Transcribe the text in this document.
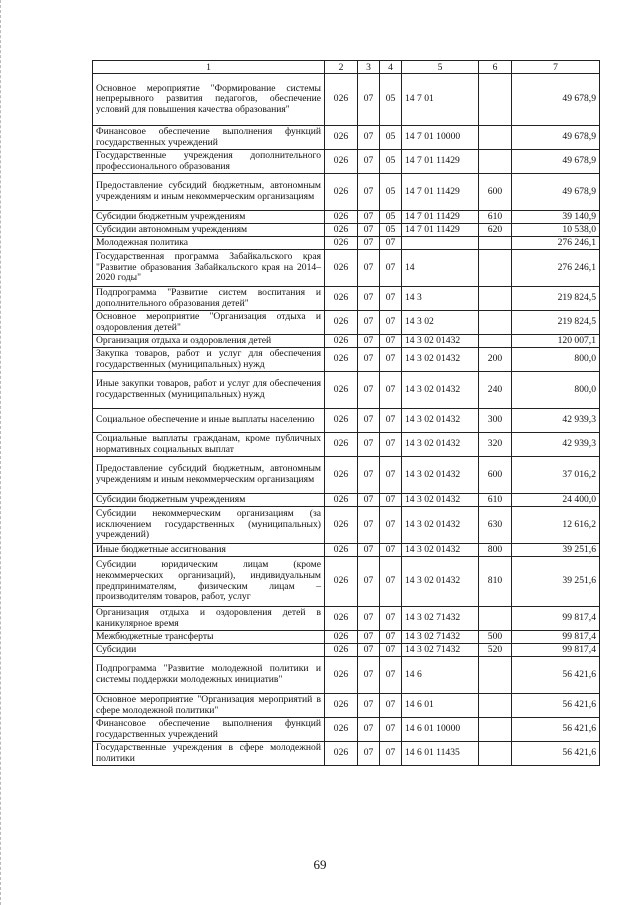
1	2	3	4	5	6	7
Основное мероприятие "Формирование системы непрерывного развития педагогов, обеспечение условий для повышения качества образования"	026	07	05	14 7 01		49 678,9
Финансовое обеспечение выполнения функций государственных учреждений	026	07	05	14 7 01 10000		49 678,9
Государственные учреждения дополнительного профессионального образования	026	07	05	14 7 01 11429		49 678,9
Предоставление субсидий бюджетным, автономным учреждениям и иным некоммерческим организациям	026	07	05	14 7 01 11429	600	49 678,9
Субсидии бюджетным учреждениям	026	07	05	14 7 01 11429	610	39 140,9
Субсидии автономным учреждениям	026	07	05	14 7 01 11429	620	10 538,0
Молодежная политика	026	07	07			276 246,1
Государственная программа Забайкальского края "Развитие образования Забайкальского края на 2014–2020 годы"	026	07	07	14		276 246,1
Подпрограмма "Развитие систем воспитания и дополнительного образования детей"	026	07	07	14 3		219 824,5
Основное мероприятие "Организация отдыха и оздоровления детей"	026	07	07	14 3 02		219 824,5
Организация отдыха и оздоровления детей	026	07	07	14 3 02 01432		120 007,1
Закупка товаров, работ и услуг для обеспечения государственных (муниципальных) нужд	026	07	07	14 3 02 01432	200	800,0
Иные закупки товаров, работ и услуг для обеспечения государственных (муниципальных) нужд	026	07	07	14 3 02 01432	240	800,0
Социальное обеспечение и иные выплаты населению	026	07	07	14 3 02 01432	300	42 939,3
Социальные выплаты гражданам, кроме публичных нормативных социальных выплат	026	07	07	14 3 02 01432	320	42 939,3
Предоставление субсидий бюджетным, автономным учреждениям и иным некоммерческим организациям	026	07	07	14 3 02 01432	600	37 016,2
Субсидии бюджетным учреждениям	026	07	07	14 3 02 01432	610	24 400,0
Субсидии некоммерческим организациям (за исключением государственных (муниципальных) учреждений)	026	07	07	14 3 02 01432	630	12 616,2
Иные бюджетные ассигнования	026	07	07	14 3 02 01432	800	39 251,6
Субсидии юридическим лицам (кроме некоммерческих организаций), индивидуальным предпринимателям, физическим лицам – производителям товаров, работ, услуг	026	07	07	14 3 02 01432	810	39 251,6
Организация отдыха и оздоровления детей в каникулярное время	026	07	07	14 3 02 71432		99 817,4
Межбюджетные трансферты	026	07	07	14 3 02 71432	500	99 817,4
Субсидии	026	07	07	14 3 02 71432	520	99 817,4
Подпрограмма "Развитие молодежной политики и системы поддержки молодежных инициатив"	026	07	07	14 6		56 421,6
Основное мероприятие "Организация мероприятий в сфере молодежной политики"	026	07	07	14 6 01		56 421,6
Финансовое обеспечение выполнения функций государственных учреждений	026	07	07	14 6 01 10000		56 421,6
Государственные учреждения в сфере молодежной политики	026	07	07	14 6 01 11435		56 421,6
69
